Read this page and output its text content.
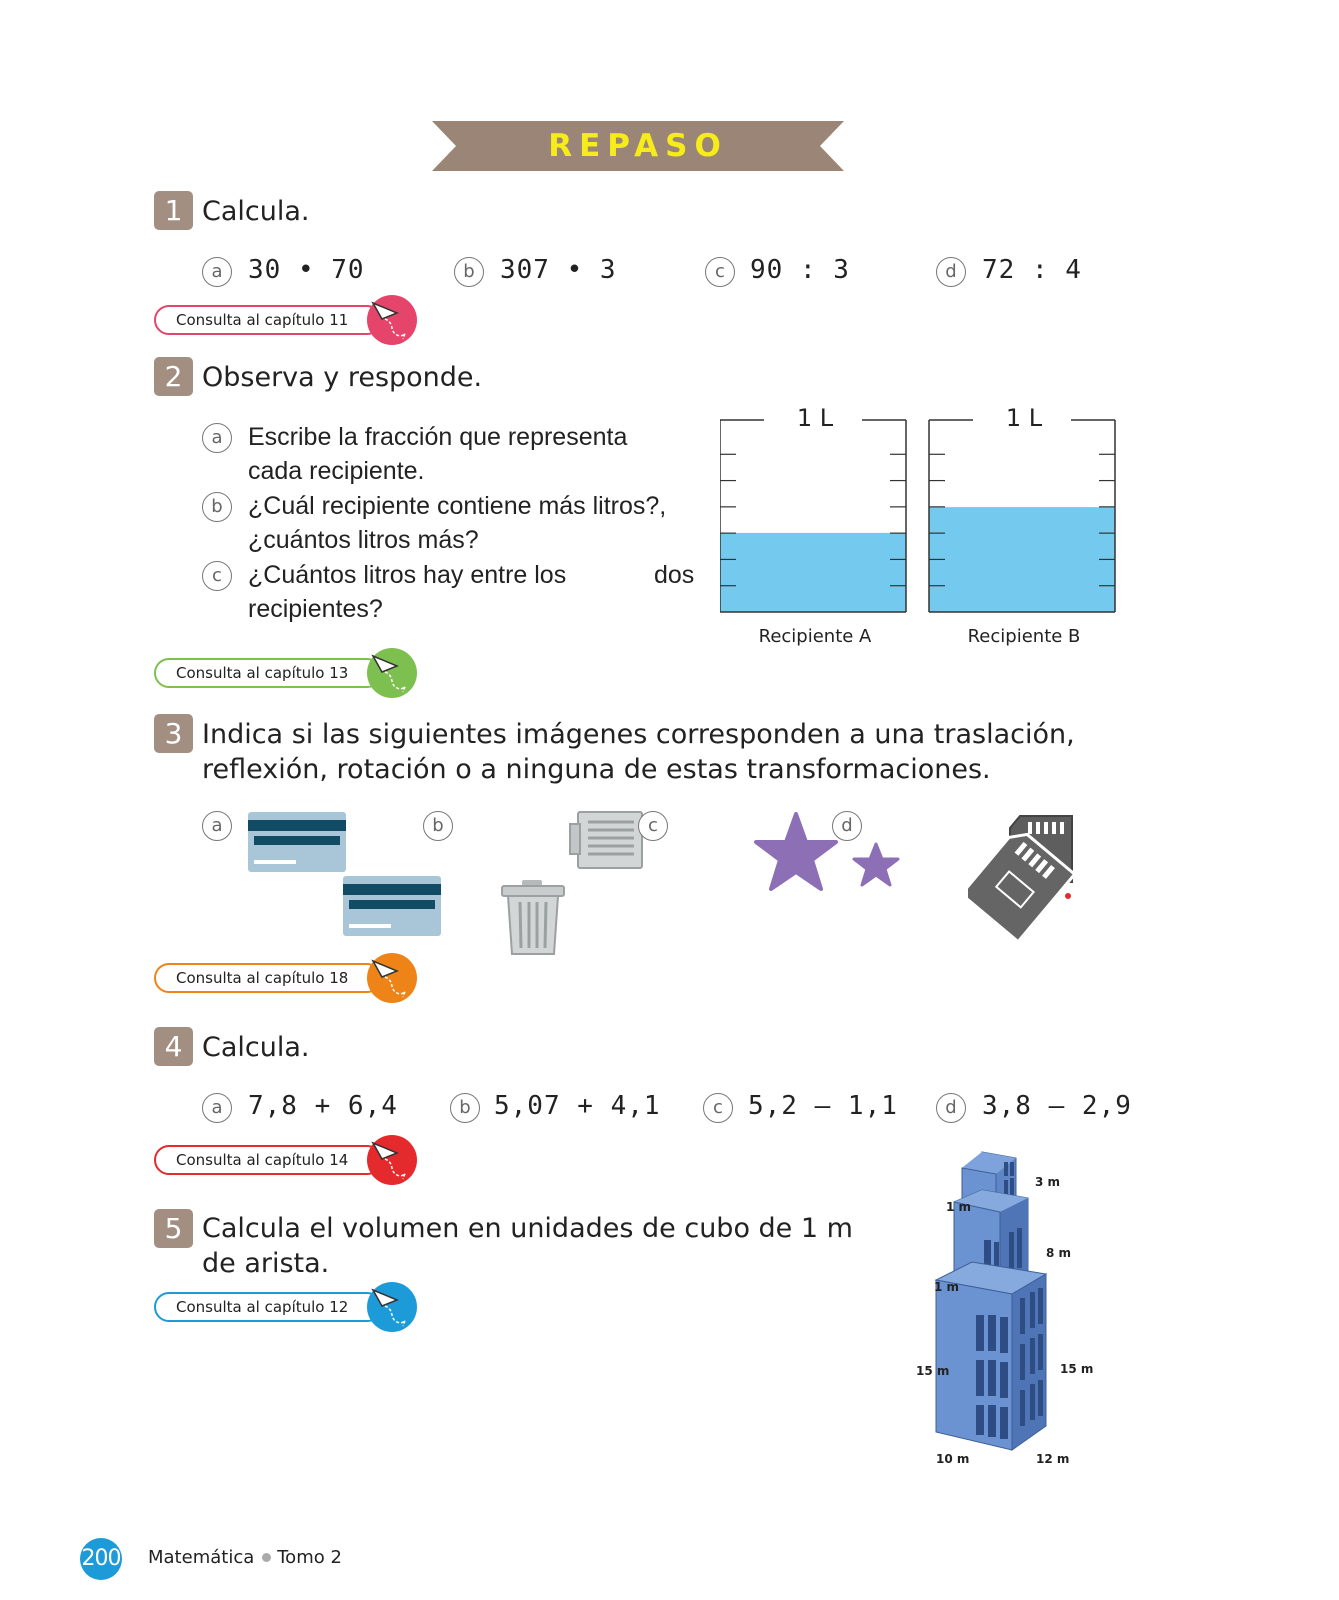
REPASO
1 Calcula.
a 30 • 70	b 307 • 3	c 90 : 3	d 72 : 4
Consulta al capítulo 11
2 Observa y responde.
a	Escribe la fracción que representa
cada recipiente.
b	¿Cuál recipiente contiene más litros?,
¿cuántos litros más?
c	¿Cuántos litros hay entre los
recipientes?
dos
1 L	1 L
Recipiente A	Recipiente B
Consulta al capítulo 13
3 Indica si las siguientes imágenes corresponden a una traslación,
reflexión, rotación o a ninguna de estas transformaciones.
a	b	c	d
Consulta al capítulo 18
4 Calcula.
a 7,8 + 6,4	b 5,07 + 4,1	c 5,2 – 1,1	d 3,8 – 2,9
Consulta al capítulo 14
5 Calcula el volumen en unidades de cubo de 1 m
de arista.
Consulta al capítulo 12
3 m
1 m
8 m
1 m
15 m	15 m
10 m	12 m
200 Matemática Tomo 2
